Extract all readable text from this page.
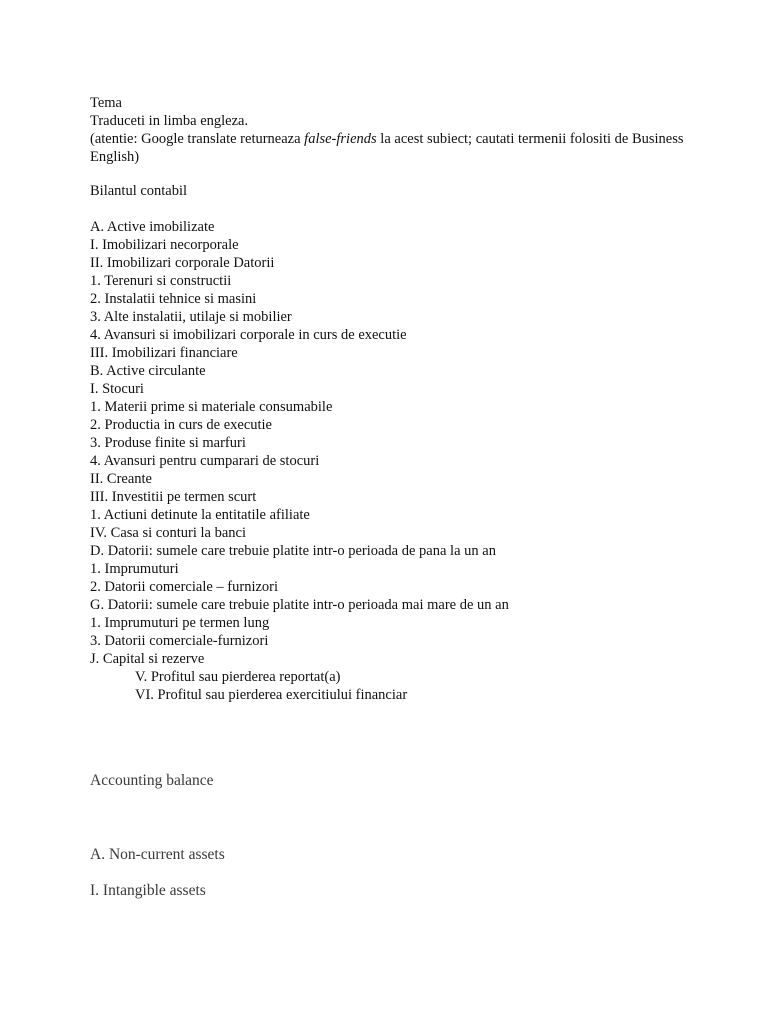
Tema
Traduceti in limba engleza.
(atentie: Google translate returneaza false-friends la acest subiect; cautati termenii folositi de Business English)
Bilantul contabil
A. Active imobilizate
I. Imobilizari necorporale
II. Imobilizari corporale Datorii
1. Terenuri si constructii
2. Instalatii tehnice si masini
3. Alte instalatii, utilaje si mobilier
4. Avansuri si imobilizari corporale in curs de executie
III. Imobilizari financiare
B. Active circulante
I. Stocuri
1. Materii prime si materiale consumabile
2. Productia in curs de executie
3. Produse finite si marfuri
4. Avansuri pentru cumparari de stocuri
II. Creante
III. Investitii pe termen scurt
1. Actiuni detinute la entitatile afiliate
IV. Casa si conturi la banci
D. Datorii: sumele care trebuie platite intr-o perioada de pana la un an
1. Imprumuturi
2. Datorii comerciale – furnizori
G. Datorii: sumele care trebuie platite intr-o perioada mai mare de un an
1. Imprumuturi pe termen lung
3. Datorii comerciale-furnizori
J. Capital si rezerve
V. Profitul sau pierderea reportat(a)
VI. Profitul sau pierderea exercitiului financiar
Accounting balance
A. Non-current assets
I. Intangible assets
